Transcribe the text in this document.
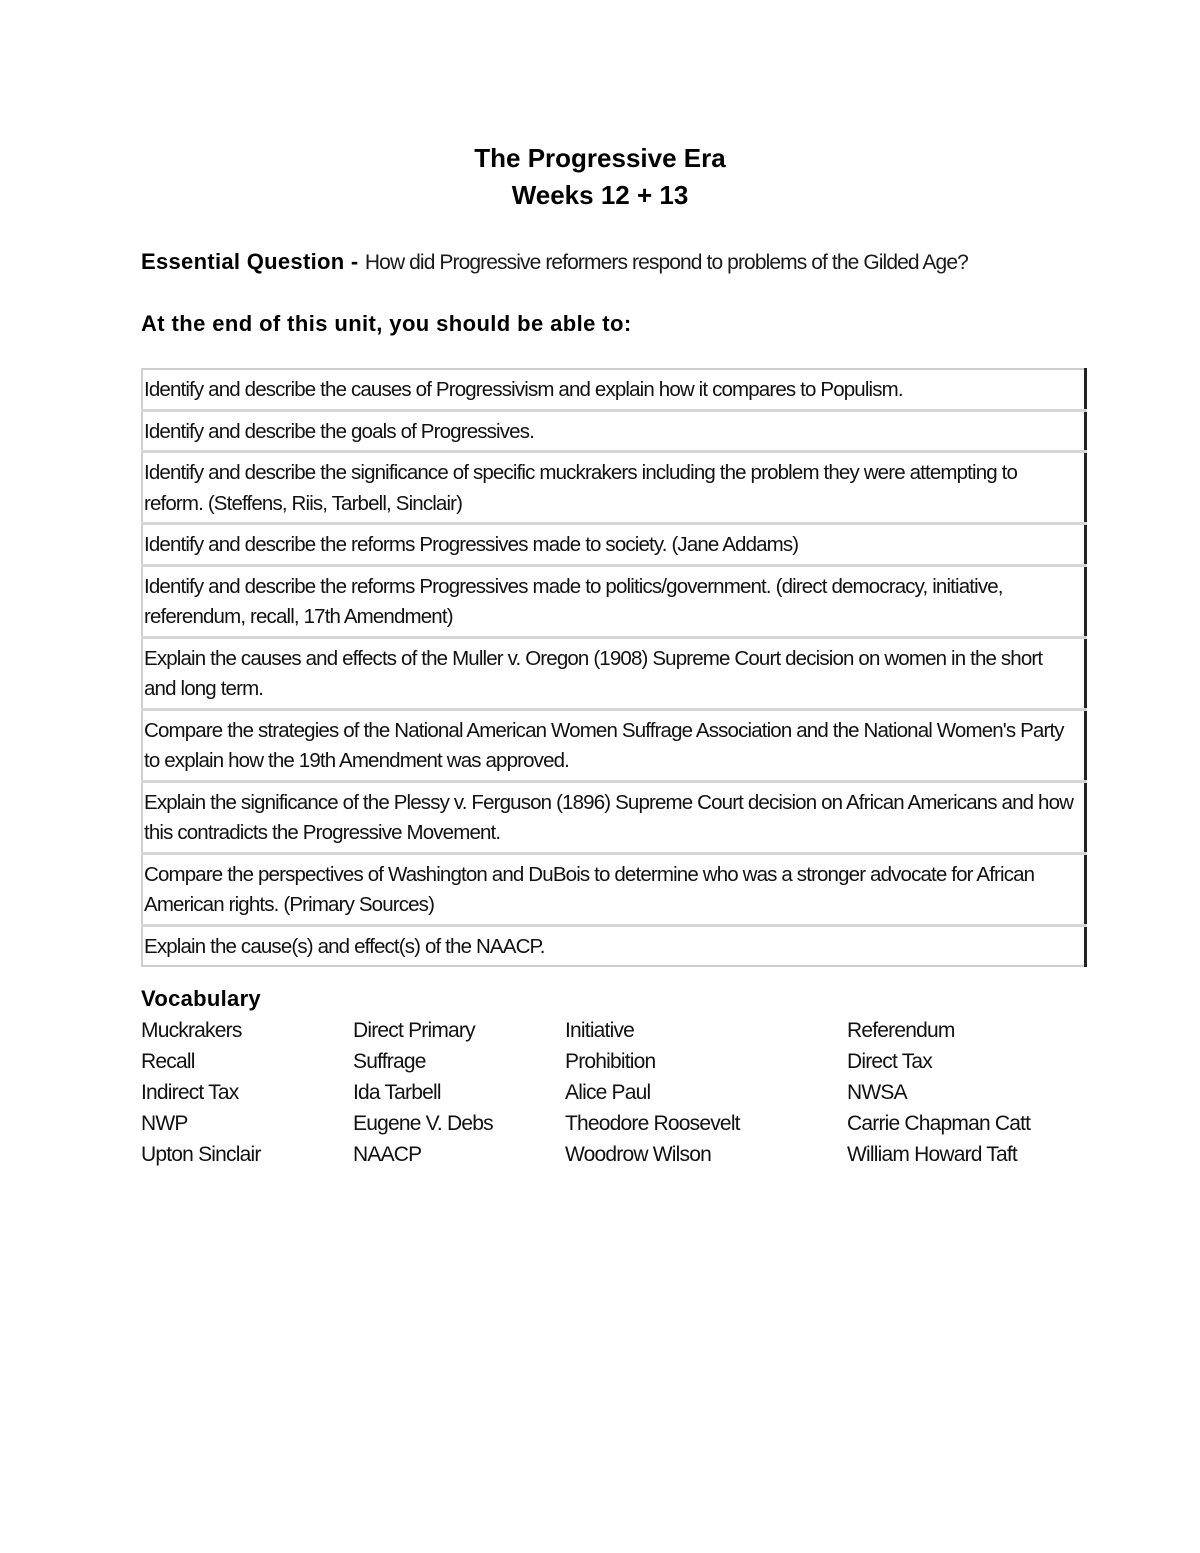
The Progressive Era
Weeks 12 + 13
Essential Question - How did Progressive reformers respond to problems of the Gilded Age?
At the end of this unit, you should be able to:
Identify and describe the causes of Progressivism and explain how it compares to Populism.
Identify and describe the goals of Progressives.
Identify and describe the significance of specific muckrakers including the problem they were attempting to reform. (Steffens, Riis, Tarbell, Sinclair)
Identify and describe the reforms Progressives made to society. (Jane Addams)
Identify and describe the reforms Progressives made to politics/government. (direct democracy, initiative, referendum, recall, 17th Amendment)
Explain the causes and effects of the Muller v. Oregon (1908) Supreme Court decision on women in the short and long term.
Compare the strategies of the National American Women Suffrage Association and the National Women's Party to explain how the 19th Amendment was approved.
Explain the significance of the Plessy v. Ferguson (1896) Supreme Court decision on African Americans and how this contradicts the Progressive Movement.
Compare the perspectives of Washington and DuBois to determine who was a stronger advocate for African American rights. (Primary Sources)
Explain the cause(s) and effect(s) of the NAACP.
Vocabulary
Muckrakers	Direct Primary	Initiative	Referendum
Recall	Suffrage	Prohibition	Direct Tax
Indirect Tax	Ida Tarbell	Alice Paul	NWSA
NWP	Eugene V. Debs	Theodore Roosevelt	Carrie Chapman Catt
Upton Sinclair	NAACP	Woodrow Wilson	William Howard Taft
